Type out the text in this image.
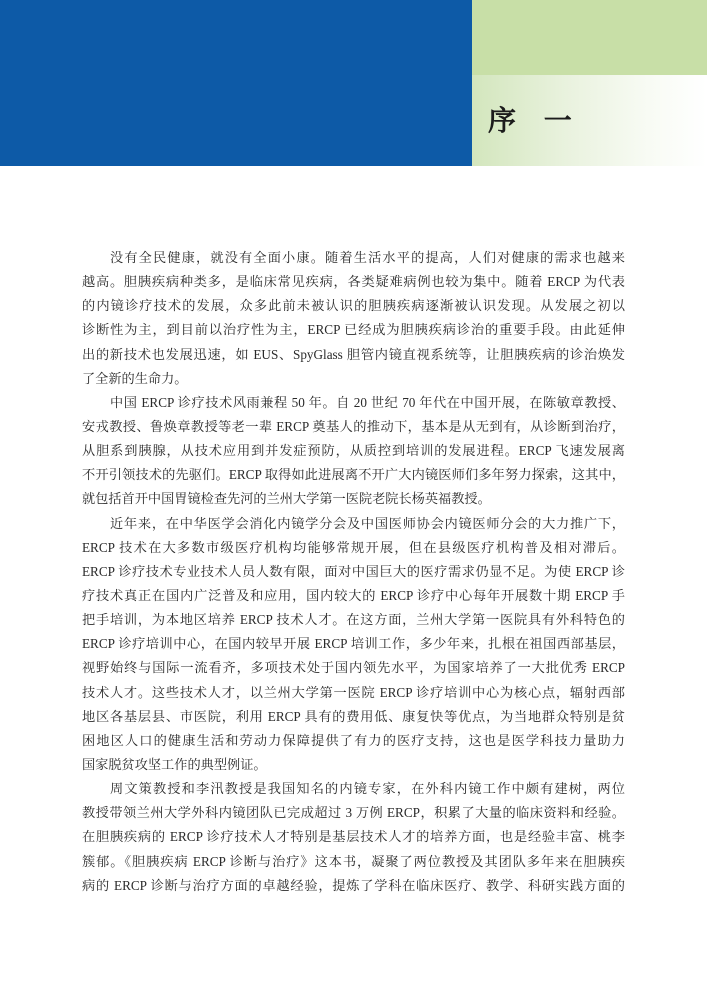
序 一
没有全民健康，就没有全面小康。随着生活水平的提高，人们对健康的需求也越来
越高。胆胰疾病种类多，是临床常见疾病，各类疑难病例也较为集中。随着 ERCP 为代表
的内镜诊疗技术的发展，众多此前未被认识的胆胰疾病逐渐被认识发现。从发展之初以
诊断性为主，到目前以治疗性为主，ERCP 已经成为胆胰疾病诊治的重要手段。由此延伸
出的新技术也发展迅速，如 EUS、SpyGlass 胆管内镜直视系统等，让胆胰疾病的诊治焕发
了全新的生命力。
中国 ERCP 诊疗技术风雨兼程 50 年。自 20 世纪 70 年代在中国开展，在陈敏章教授、
安戎教授、鲁焕章教授等老一辈 ERCP 奠基人的推动下，基本是从无到有，从诊断到治疗，
从胆系到胰腺，从技术应用到并发症预防，从质控到培训的发展进程。ERCP 飞速发展离
不开引领技术的先驱们。ERCP 取得如此进展离不开广大内镜医师们多年努力探索，这其中，
就包括首开中国胃镜检查先河的兰州大学第一医院老院长杨英福教授。
近年来，在中华医学会消化内镜学分会及中国医师协会内镜医师分会的大力推广下，
ERCP 技术在大多数市级医疗机构均能够常规开展，但在县级医疗机构普及相对滞后。
ERCP 诊疗技术专业技术人员人数有限，面对中国巨大的医疗需求仍显不足。为使 ERCP 诊
疗技术真正在国内广泛普及和应用，国内较大的 ERCP 诊疗中心每年开展数十期 ERCP 手
把手培训，为本地区培养 ERCP 技术人才。在这方面，兰州大学第一医院具有外科特色的
ERCP 诊疗培训中心，在国内较早开展 ERCP 培训工作，多少年来，扎根在祖国西部基层，
视野始终与国际一流看齐，多项技术处于国内领先水平，为国家培养了一大批优秀 ERCP
技术人才。这些技术人才，以兰州大学第一医院 ERCP 诊疗培训中心为核心点，辐射西部
地区各基层县、市医院，利用 ERCP 具有的费用低、康复快等优点，为当地群众特别是贫
困地区人口的健康生活和劳动力保障提供了有力的医疗支持，这也是医学科技力量助力
国家脱贫攻坚工作的典型例证。
周文策教授和李汛教授是我国知名的内镜专家，在外科内镜工作中颇有建树，两位
教授带领兰州大学外科内镜团队已完成超过 3 万例 ERCP，积累了大量的临床资料和经验。
在胆胰疾病的 ERCP 诊疗技术人才特别是基层技术人才的培养方面，也是经验丰富、桃李
簇郁。《胆胰疾病 ERCP 诊断与治疗》这本书，凝聚了两位教授及其团队多年来在胆胰疾
病的 ERCP 诊断与治疗方面的卓越经验，提炼了学科在临床医疗、教学、科研实践方面的
